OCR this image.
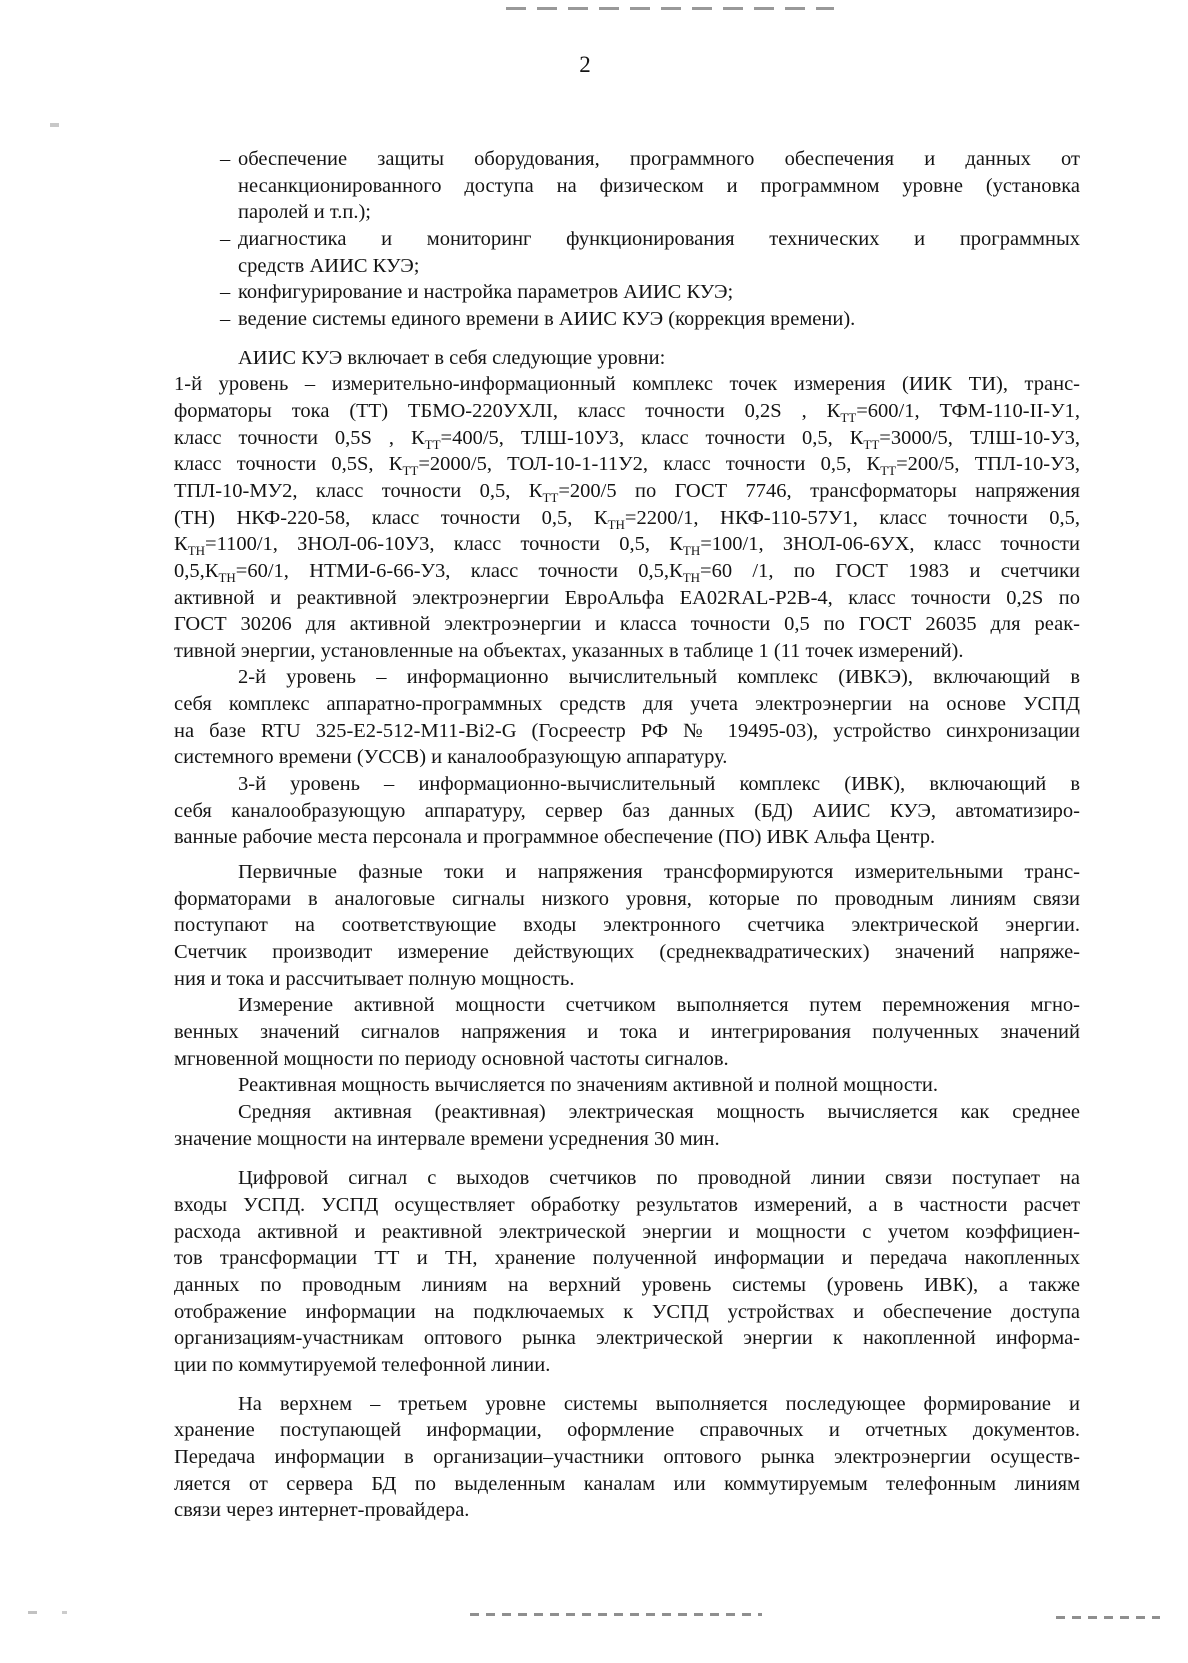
2
– обеспечение защиты оборудования, программного обеспечения и данных от
несанкционированного доступа на физическом и программном уровне (установка
паролей и т.п.);
– диагностика и мониторинг функционирования технических и программных
средств АИИС КУЭ;
– конфигурирование и настройка параметров АИИС КУЭ;
– ведение системы единого времени в АИИС КУЭ (коррекция времени).
АИИС КУЭ включает в себя следующие уровни:
1-й уровень – измерительно-информационный комплекс точек измерения (ИИК ТИ), транс-
форматоры тока (ТТ) ТБМО-220УХЛI, класс точности 0,2S , $К_{ТТ}=600/1$, ТФМ-110-II-У1,
класс точности 0,5S , $К_{ТТ}=400/5$, ТЛШ-10У3, класс точности 0,5, $К_{ТТ}=3000/5$, ТЛШ-10-У3,
класс точности 0,5S, $К_{ТТ}=2000/5$, ТОЛ-10-1-11У2, класс точности 0,5, $К_{ТТ}=200/5$, ТПЛ-10-У3,
ТПЛ-10-МУ2, класс точности 0,5, $К_{ТТ}=200/5$ по ГОСТ 7746, трансформаторы напряжения
(ТН) НКФ-220-58, класс точности 0,5, $К_{ТН}=2200/1$, НКФ-110-57У1, класс точности 0,5,
$К_{ТН}=1100/1$, ЗНОЛ-06-10У3, класс точности 0,5, $К_{ТН}=100/1$, ЗНОЛ-06-6УХ, класс точности
$0,5,К_{ТН}=60/1$, НТМИ-6-66-У3, класс точности $0,5,К_{ТН}=60$ /1, по ГОСТ 1983 и счетчики
активной и реактивной электроэнергии ЕвроАльфа ЕА02RAL-P2B-4, класс точности 0,2S по
ГОСТ 30206 для активной электроэнергии и класса точности 0,5 по ГОСТ 26035 для реак-
тивной энергии, установленные на объектах, указанных в таблице 1 (11 точек измерений).
2-й уровень – информационно вычислительный комплекс (ИВКЭ), включающий в
себя комплекс аппаратно-программных средств для учета электроэнергии на основе УСПД
на базе RTU 325-E2-512-M11-Bi2-G (Госреестр РФ № 19495-03), устройство синхронизации
системного времени (УССВ) и каналообразующую аппаратуру.
3-й уровень – информационно-вычислительный комплекс (ИВК), включающий в
себя каналообразующую аппаратуру, сервер баз данных (БД) АИИС КУЭ, автоматизиро-
ванные рабочие места персонала и программное обеспечение (ПО) ИВК Альфа Центр.
Первичные фазные токи и напряжения трансформируются измерительными транс-
форматорами в аналоговые сигналы низкого уровня, которые по проводным линиям связи
поступают на соответствующие входы электронного счетчика электрической энергии.
Счетчик производит измерение действующих (среднеквадратических) значений напряже-
ния и тока и рассчитывает полную мощность.
Измерение активной мощности счетчиком выполняется путем перемножения мгно-
венных значений сигналов напряжения и тока и интегрирования полученных значений
мгновенной мощности по периоду основной частоты сигналов.
Реактивная мощность вычисляется по значениям активной и полной мощности.
Средняя активная (реактивная) электрическая мощность вычисляется как среднее
значение мощности на интервале времени усреднения 30 мин.
Цифровой сигнал с выходов счетчиков по проводной линии связи поступает на
входы УСПД. УСПД осуществляет обработку результатов измерений, а в частности расчет
расхода активной и реактивной электрической энергии и мощности с учетом коэффициен-
тов трансформации ТТ и ТН, хранение полученной информации и передача накопленных
данных по проводным линиям на верхний уровень системы (уровень ИВК), а также
отображение информации на подключаемых к УСПД устройствах и обеспечение доступа
организациям-участникам оптового рынка электрической энергии к накопленной информа-
ции по коммутируемой телефонной линии.
На верхнем – третьем уровне системы выполняется последующее формирование и
хранение поступающей информации, оформление справочных и отчетных документов.
Передача информации в организации–участники оптового рынка электроэнергии осуществ-
ляется от сервера БД по выделенным каналам или коммутируемым телефонным линиям
связи через интернет-провайдера.
